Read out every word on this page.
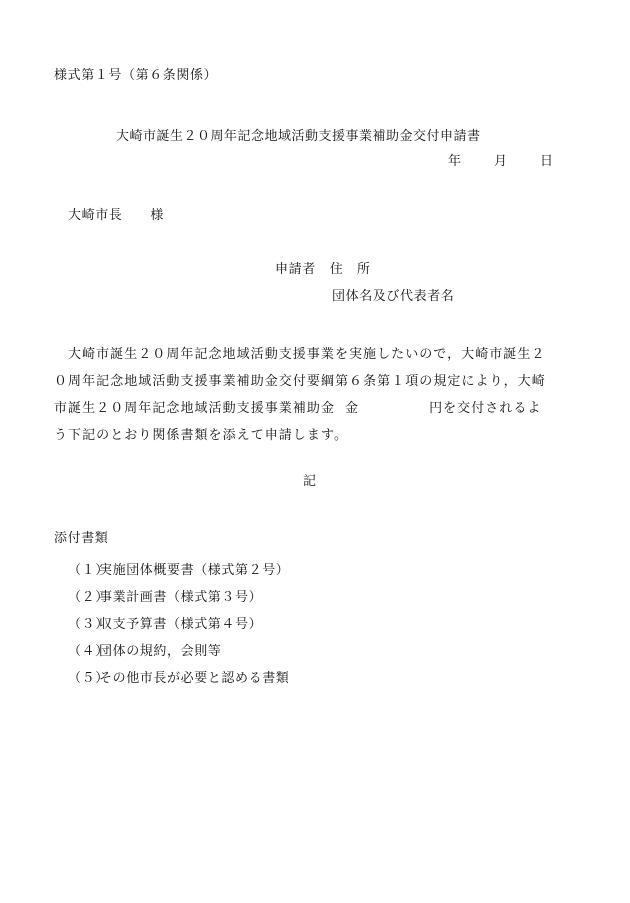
様式第１号（第６条関係）
大崎市誕生２０周年記念地域活動支援事業補助金交付申請書
年 月 日
大崎市長 様
申請者 住　所
団体名及び代表者名
大崎市誕生２０周年記念地域活動支援事業を実施したいので，大崎市誕生２
０周年記念地域活動支援事業補助金交付要綱第６条第１項の規定により，大崎
市誕生２０周年記念地域活動支援事業補助金 金	円を交付されるよ
う下記のとおり関係書類を添えて申請します。
記
添付書類
（１）実施団体概要書（様式第２号）
（２）事業計画書（様式第３号）
（３）収支予算書（様式第４号）
（４）団体の規約，会則等
（５）その他市長が必要と認める書類
